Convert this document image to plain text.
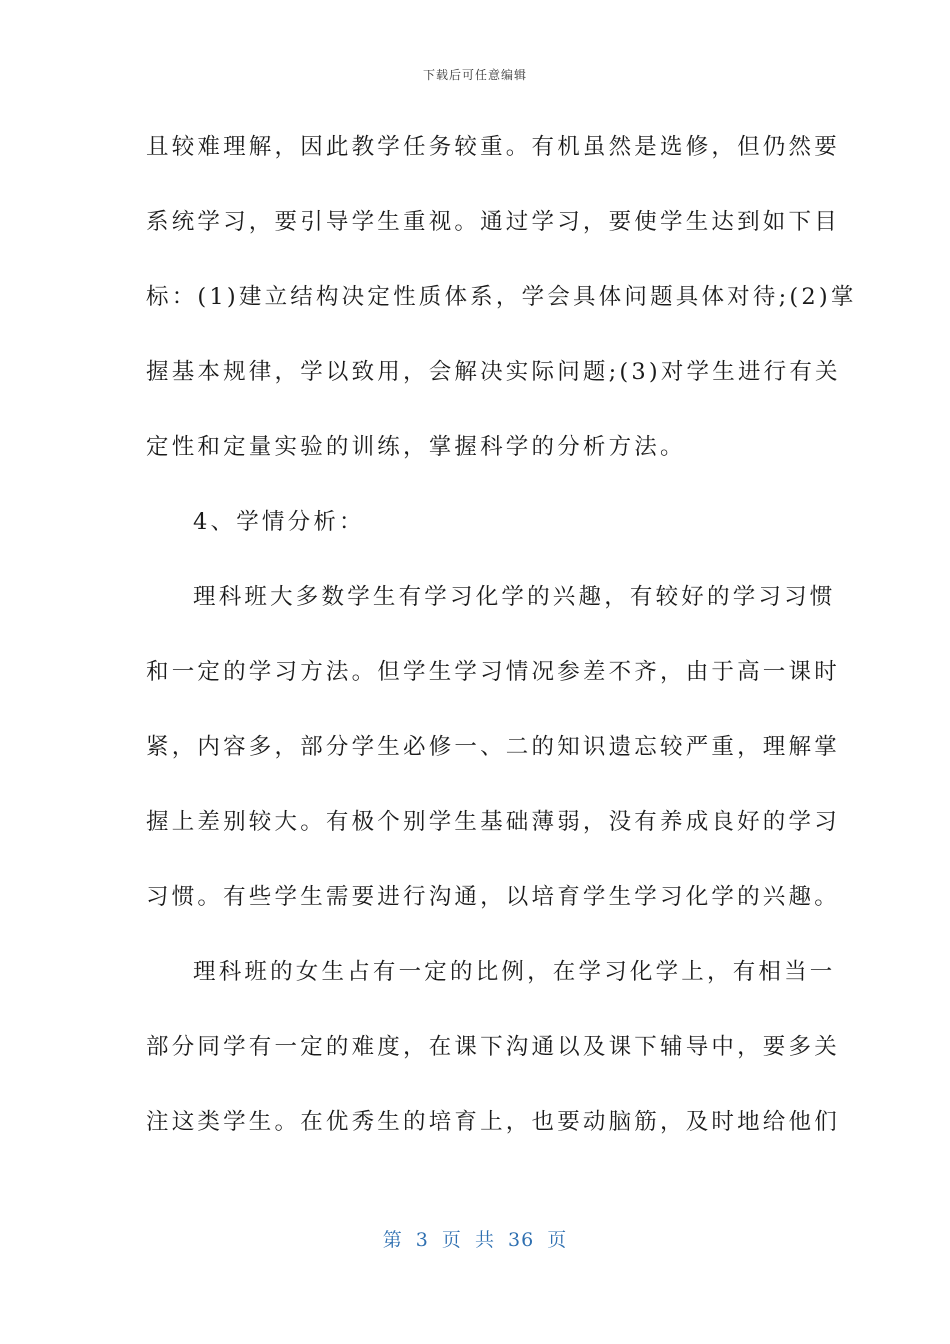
下载后可任意编辑
且较难理解，因此教学任务较重。有机虽然是选修，但仍然要
系统学习，要引导学生重视。通过学习，要使学生达到如下目
标：(1)建立结构决定性质体系，学会具体问题具体对待;(2)掌
握基本规律，学以致用，会解决实际问题;(3)对学生进行有关
定性和定量实验的训练，掌握科学的分析方法。
4、学情分析：
理科班大多数学生有学习化学的兴趣，有较好的学习习惯
和一定的学习方法。但学生学习情况参差不齐，由于高一课时
紧，内容多，部分学生必修一、二的知识遗忘较严重，理解掌
握上差别较大。有极个别学生基础薄弱，没有养成良好的学习
习惯。有些学生需要进行沟通，以培育学生学习化学的兴趣。
理科班的女生占有一定的比例，在学习化学上，有相当一
部分同学有一定的难度，在课下沟通以及课下辅导中，要多关
注这类学生。在优秀生的培育上，也要动脑筋，及时地给他们
第 3 页 共 36 页
